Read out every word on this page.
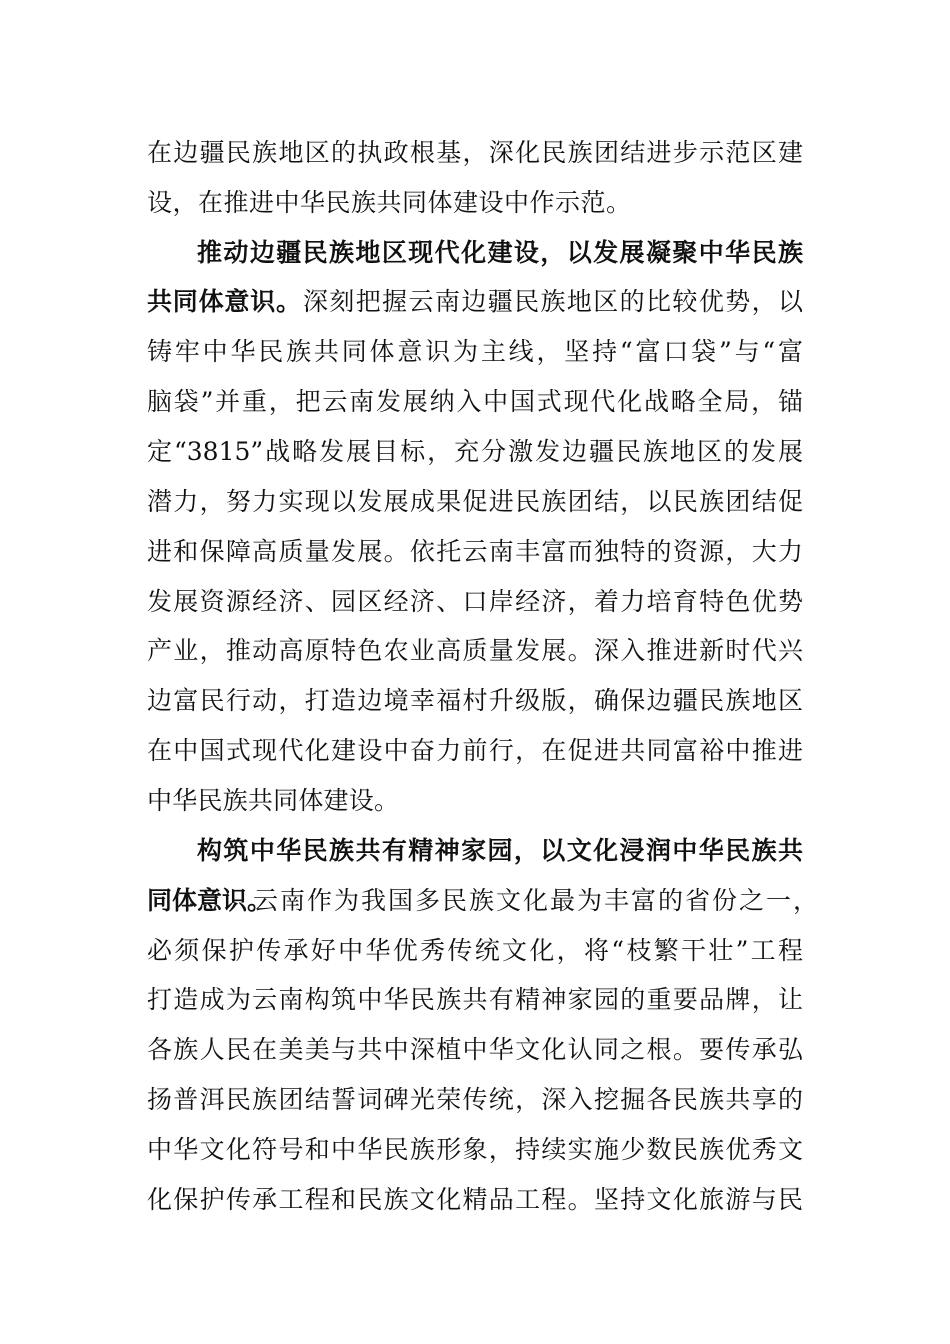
在边疆民族地区的执政根基，深化民族团结进步示范区建
设，在推进中华民族共同体建设中作示范。
推动边疆民族地区现代化建设，以发展凝聚中华民族
共同体意识。 深刻把握云南边疆民族地区的比较优势，以
铸牢中华民族共同体意识为主线，坚持“富口袋”与“富
脑袋”并重，把云南发展纳入中国式现代化战略全局，锚
定“3815”战略发展目标，充分激发边疆民族地区的发展
潜力，努力实现以发展成果促进民族团结，以民族团结促
进和保障高质量发展。依托云南丰富而独特的资源，大力
发展资源经济、园区经济、口岸经济，着力培育特色优势
产业，推动高原特色农业高质量发展。深入推进新时代兴
边富民行动，打造边境幸福村升级版，确保边疆民族地区
在中国式现代化建设中奋力前行，在促进共同富裕中推进
中华民族共同体建设。
构筑中华民族共有精神家园，以文化浸润中华民族共
同体意识。
云南作为我国多民族文化最为丰富的省份之一，
必须保护传承好中华优秀传统文化，将“枝繁干壮”工程
打造成为云南构筑中华民族共有精神家园的重要品牌，让
各族人民在美美与共中深植中华文化认同之根。要传承弘
扬普洱民族团结誓词碑光荣传统，深入挖掘各民族共享的
中华文化符号和中华民族形象，持续实施少数民族优秀文
化保护传承工程和民族文化精品工程。坚持文化旅游与民
